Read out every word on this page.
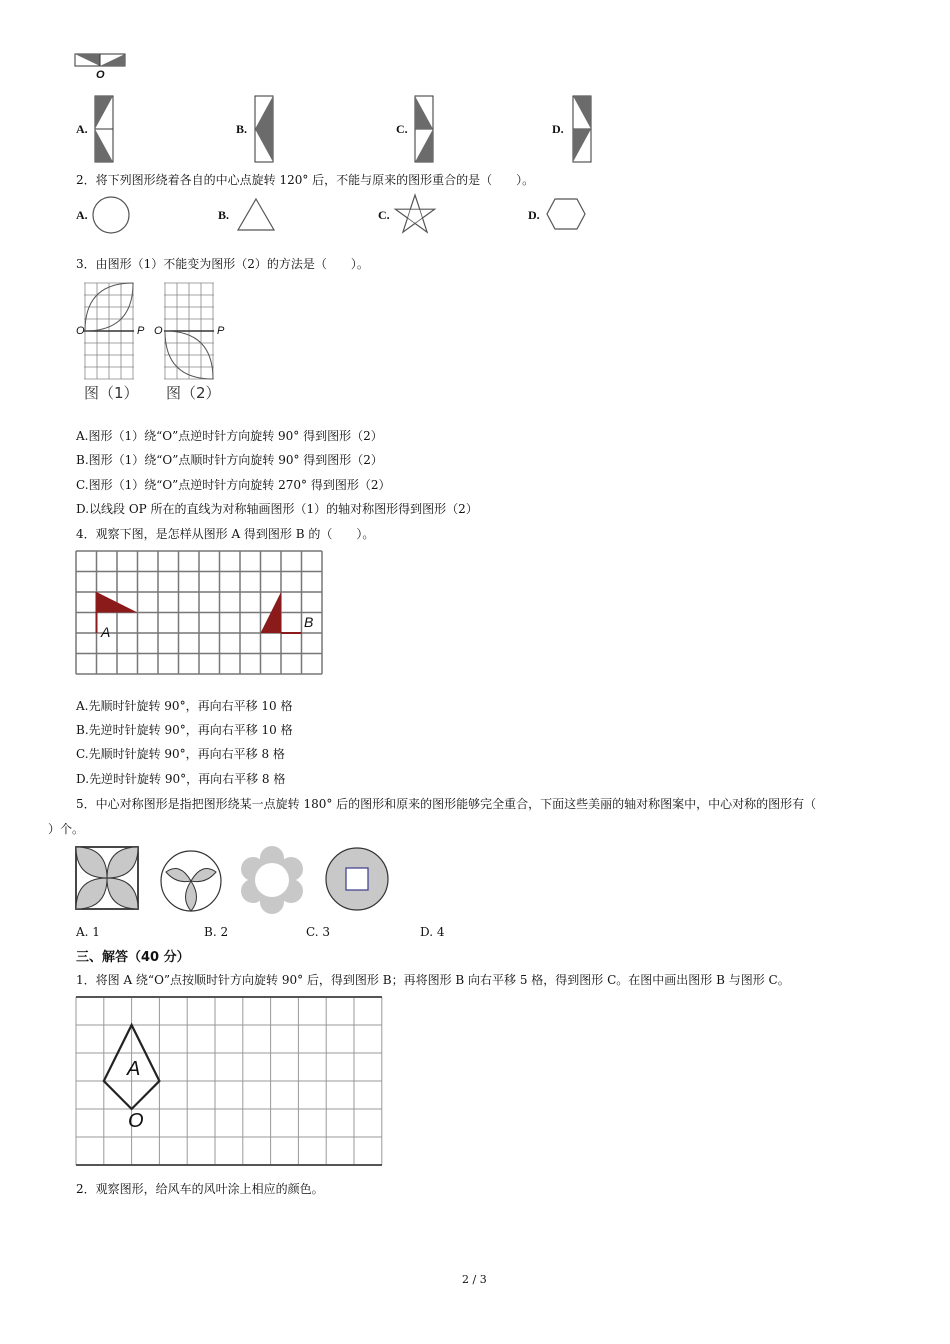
O
A.	B.	C.	D.
2．将下列图形绕着各自的中心点旋转 120° 后，不能与原来的图形重合的是（　　）。
A.	B.	C.	D.
3．由图形（1）不能变为图形（2）的方法是（　　）。
O	P
图（1）
O	P
图（2）
A.图形（1）绕“O”点逆时针方向旋转 90° 得到图形（2）
B.图形（1）绕“O”点顺时针方向旋转 90° 得到图形（2）
C.图形（1）绕“O”点逆时针方向旋转 270° 得到图形（2）
D.以线段 OP 所在的直线为对称轴画图形（1）的轴对称图形得到图形（2）
4．观察下图，是怎样从图形 A 得到图形 B 的（　　）。
A
B
A.先顺时针旋转 90°，再向右平移 10 格
B.先逆时针旋转 90°，再向右平移 10 格
C.先顺时针旋转 90°，再向右平移 8 格
D.先逆时针旋转 90°，再向右平移 8 格
5．中心对称图形是指把图形绕某一点旋转 180° 后的图形和原来的图形能够完全重合，下面这些美丽的轴对称图案中，中心对称的图形有（
）个。
A. 1	B. 2	C. 3	D. 4
三、解答（40 分）
1．将图 A 绕“O”点按顺时针方向旋转 90° 后，得到图形 B；再将图形 B 向右平移 5 格，得到图形 C。在图中画出图形 B 与图形 C。
A
O
2．观察图形，给风车的风叶涂上相应的颜色。
2 / 3
